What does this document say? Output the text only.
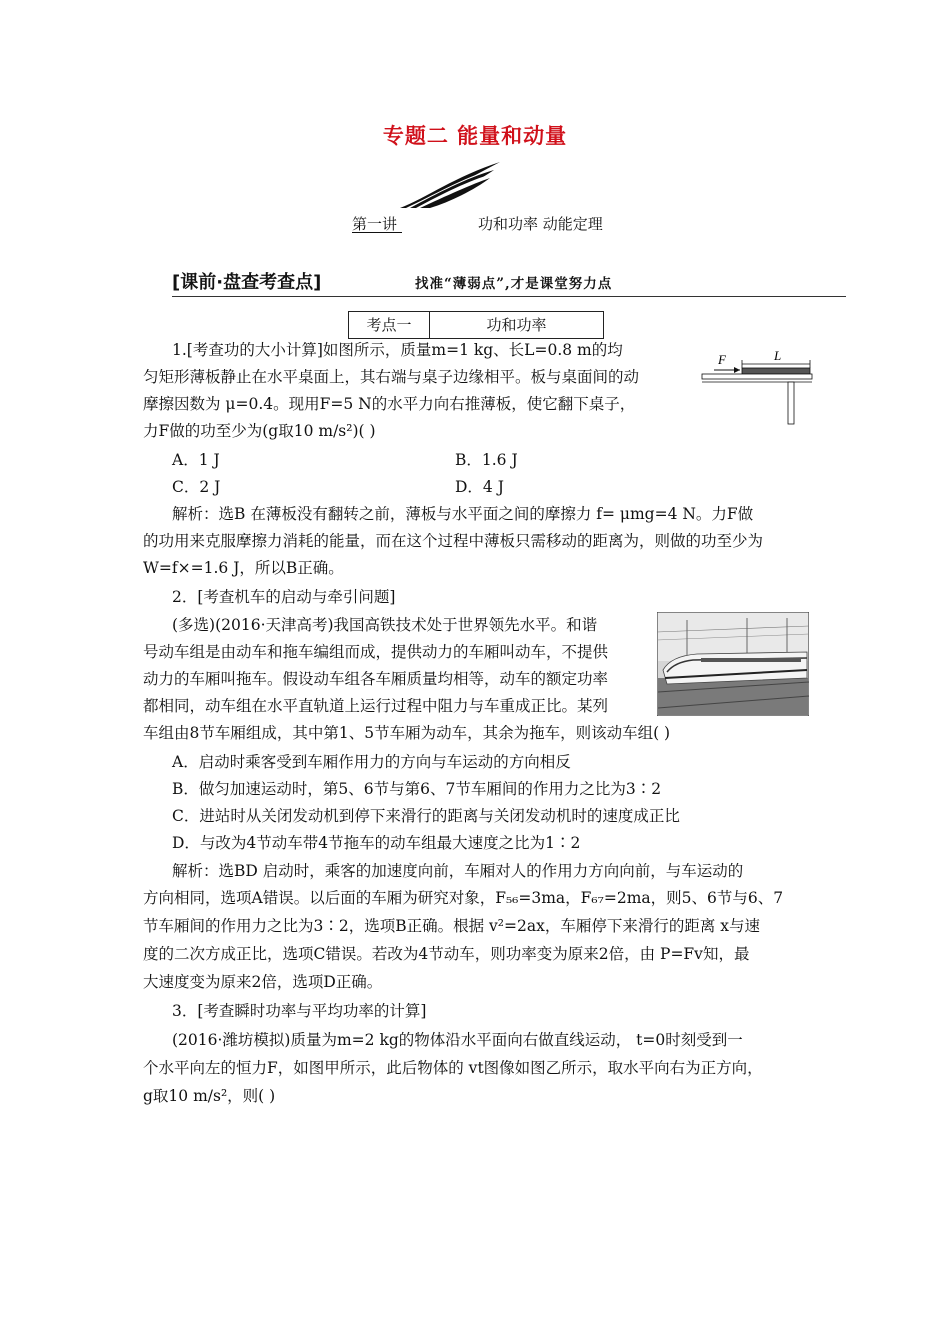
专题二 能量和动量
第一讲	功和功率 动能定理
[课前·盘查考查点]	找准“薄弱点”,才是课堂努力点
考点一	功和功率
1.[考查功的大小计算]如图所示，质量m=1 kg、长L=0.8 m的均
匀矩形薄板静止在水平桌面上，其右端与桌子边缘相平。板与桌面间的动
摩擦因数为 μ=0.4。现用F=5 N的水平力向右推薄板，使它翻下桌子，
力F做的功至少为(g取10 m/s²)( )
F	L
A．1 J	B．1.6 J
C．2 J	D．4 J
解析：选B 在薄板没有翻转之前，薄板与水平面之间的摩擦力 f= μmg=4 N。力F做
的功用来克服摩擦力消耗的能量，而在这个过程中薄板只需移动的距离为，则做的功至少为
W=f×=1.6 J，所以B正确。
2．[考查机车的启动与牵引问题]
(多选)(2016·天津高考)我国高铁技术处于世界领先水平。和谐
号动车组是由动车和拖车编组而成，提供动力的车厢叫动车，不提供
动力的车厢叫拖车。假设动车组各车厢质量均相等，动车的额定功率
都相同，动车组在水平直轨道上运行过程中阻力与车重成正比。某列
车组由8节车厢组成，其中第1、5节车厢为动车，其余为拖车，则该动车组( )
A．启动时乘客受到车厢作用力的方向与车运动的方向相反
B．做匀加速运动时，第5、6节与第6、7节车厢间的作用力之比为3∶2
C．进站时从关闭发动机到停下来滑行的距离与关闭发动机时的速度成正比
D．与改为4节动车带4节拖车的动车组最大速度之比为1∶2
解析：选BD 启动时，乘客的加速度向前，车厢对人的作用力方向向前，与车运动的
方向相同，选项A错误。以后面的车厢为研究对象，F₅₆=3ma，F₆₇=2ma，则5、6节与6、7
节车厢间的作用力之比为3∶2，选项B正确。根据 v²=2ax，车厢停下来滑行的距离 x与速
度的二次方成正比，选项C错误。若改为4节动车，则功率变为原来2倍，由 P=Fv知，最
大速度变为原来2倍，选项D正确。
3．[考查瞬时功率与平均功率的计算]
(2016·潍坊模拟)质量为m=2 kg的物体沿水平面向右做直线运动， t=0时刻受到一
个水平向左的恒力F，如图甲所示，此后物体的 vt图像如图乙所示，取水平向右为正方向，
g取10 m/s²，则( )
